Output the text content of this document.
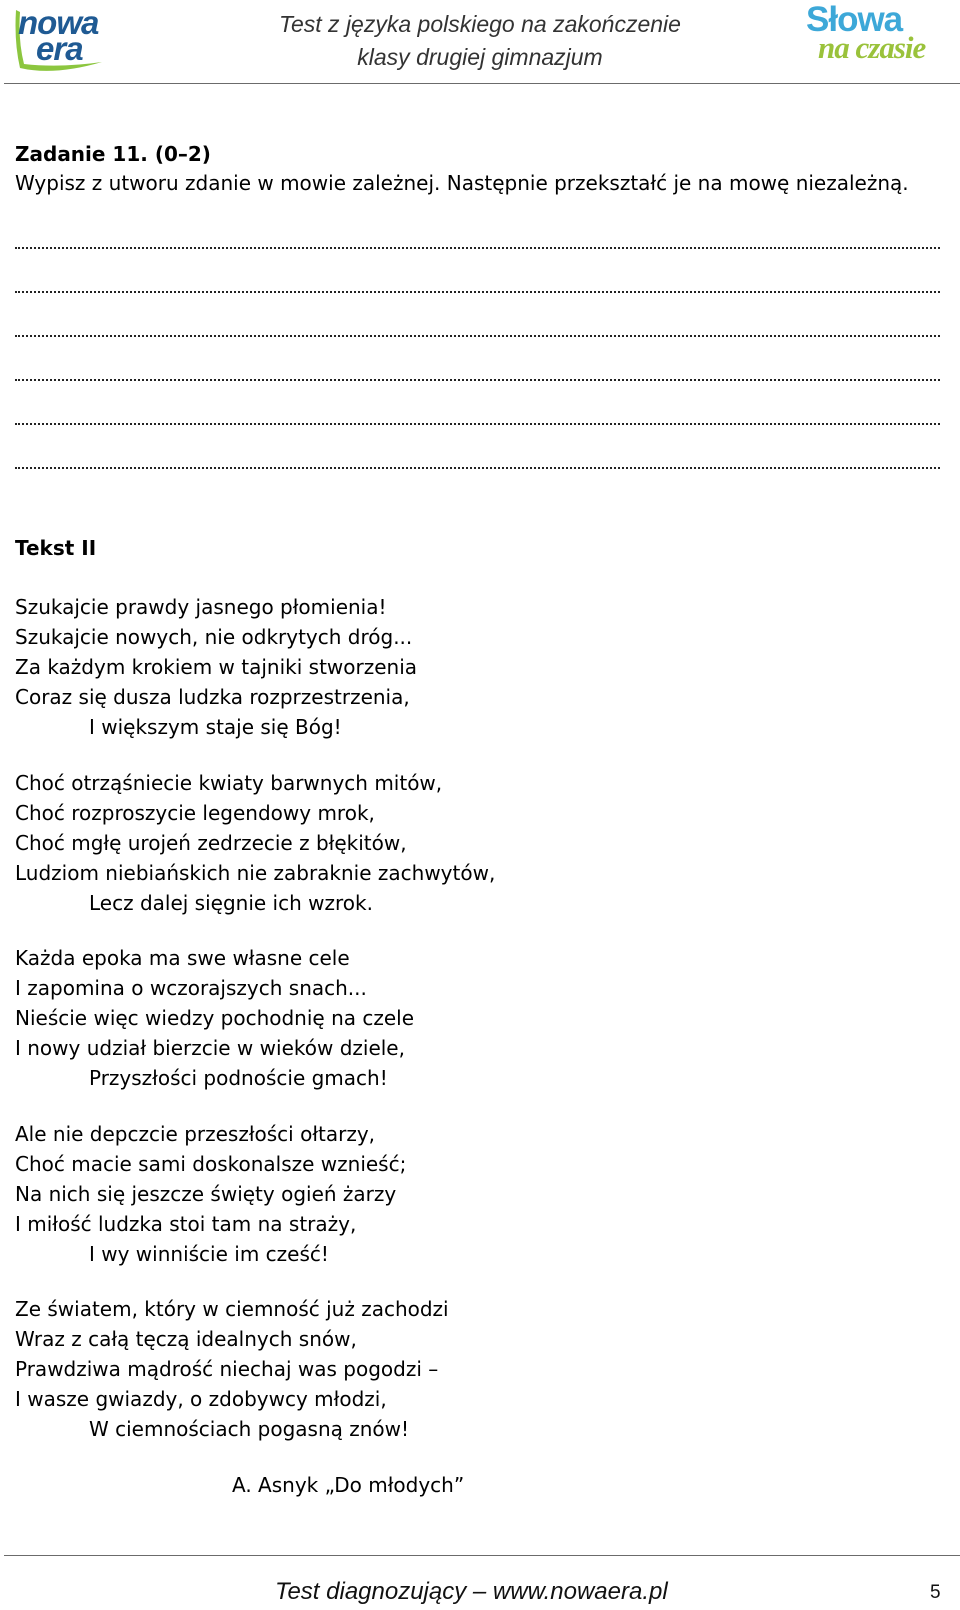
nowa
era
Test z języka polskiego na zakończenie
klasy drugiej gimnazjum
Słowa
na czasie
Zadanie 11. (0–2)
Wypisz z utworu zdanie w mowie zależnej. Następnie przekształć je na mowę niezależną.
Tekst II
Szukajcie prawdy jasnego płomienia!
Szukajcie nowych, nie odkrytych dróg...
Za każdym krokiem w tajniki stworzenia
Coraz się dusza ludzka rozprzestrzenia,
I większym staje się Bóg!
Choć otrząśniecie kwiaty barwnych mitów,
Choć rozproszycie legendowy mrok,
Choć mgłę urojeń zedrzecie z błękitów,
Ludziom niebiańskich nie zabraknie zachwytów,
Lecz dalej sięgnie ich wzrok.
Każda epoka ma swe własne cele
I zapomina o wczorajszych snach...
Nieście więc wiedzy pochodnię na czele
I nowy udział bierzcie w wieków dziele,
Przyszłości podnoście gmach!
Ale nie depczcie przeszłości ołtarzy,
Choć macie sami doskonalsze wznieść;
Na nich się jeszcze święty ogień żarzy
I miłość ludzka stoi tam na straży,
I wy winniście im cześć!
Ze światem, który w ciemność już zachodzi
Wraz z całą tęczą idealnych snów,
Prawdziwa mądrość niechaj was pogodzi –
I wasze gwiazdy, o zdobywcy młodzi,
W ciemnościach pogasną znów!
A. Asnyk „Do młodych”
Test diagnozujący – www.nowaera.pl	5
